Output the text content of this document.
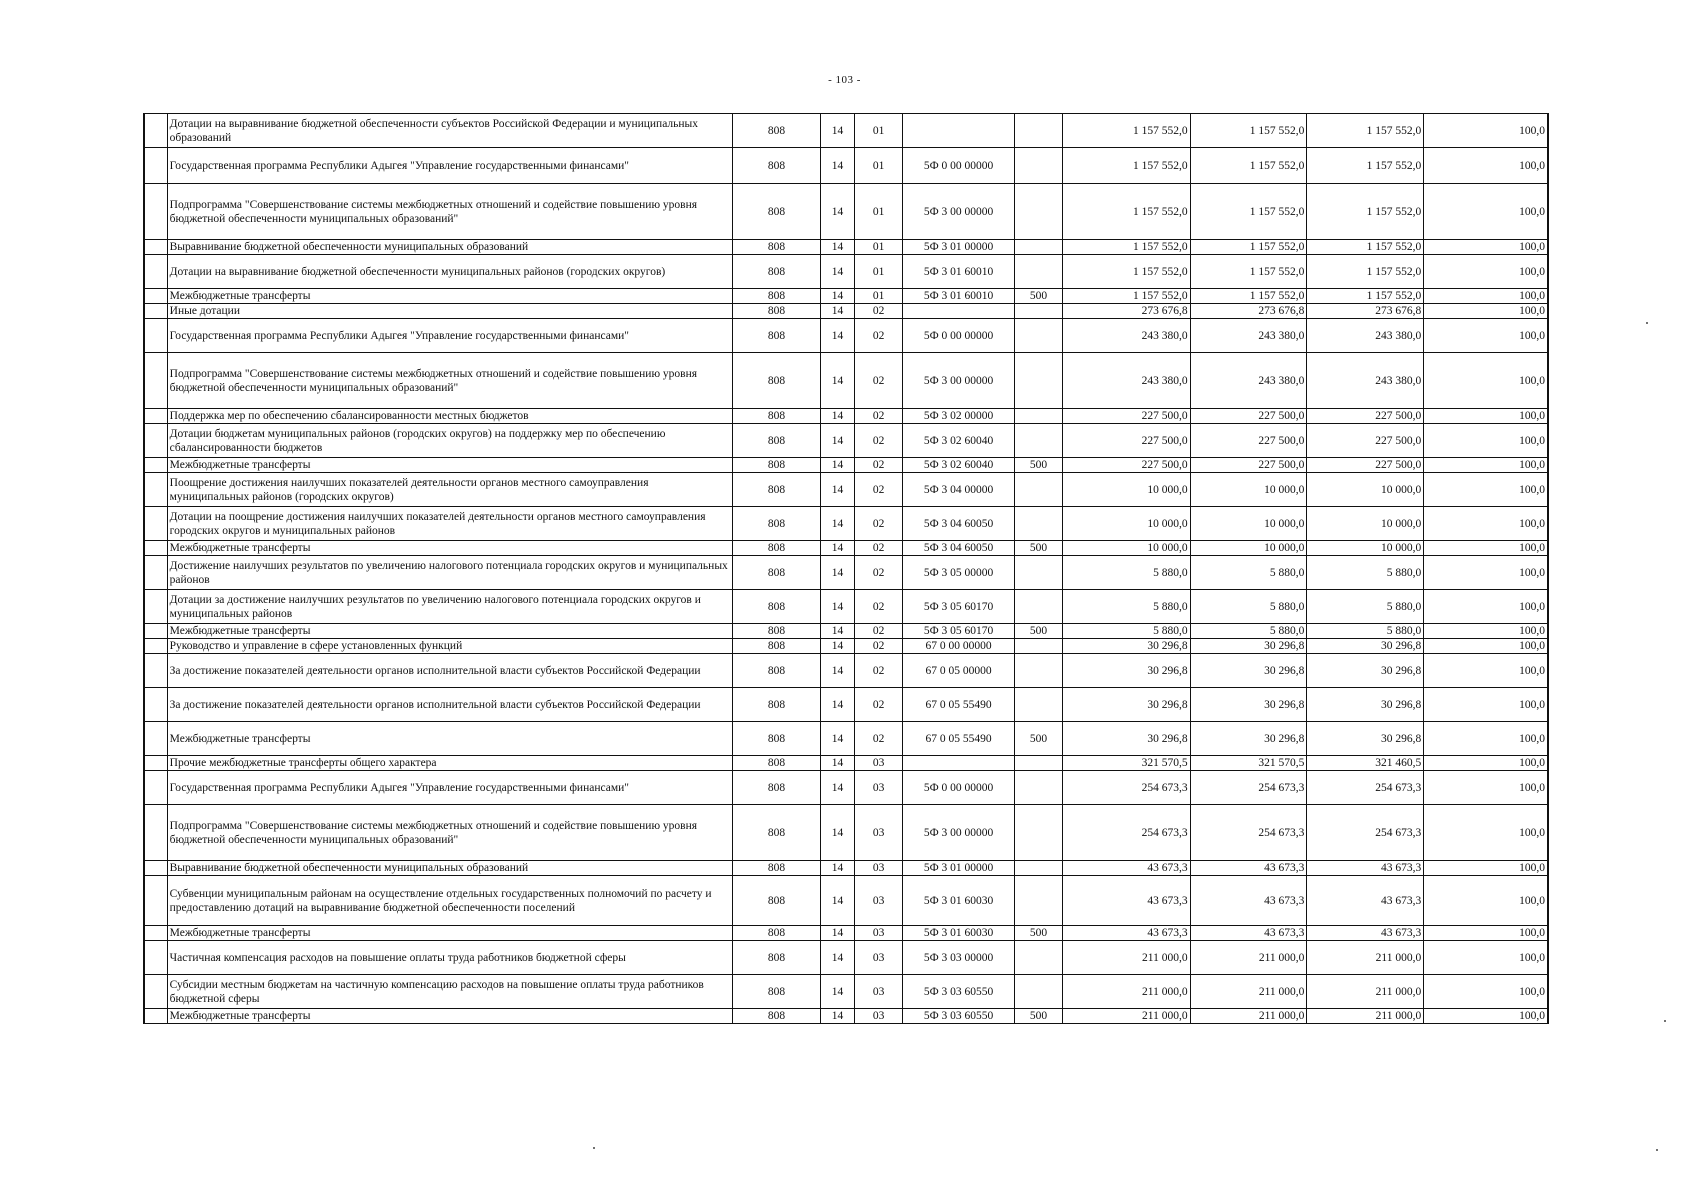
- 103 -
	Дотации на выравнивание бюджетной обеспеченности субъектов Российской Федерации и муниципальных образований	808	14	01			1 157 552,0	1 157 552,0	1 157 552,0	100,0
	Государственная программа Республики Адыгея "Управление государственными финансами"	808	14	01	5Ф 0 00 00000		1 157 552,0	1 157 552,0	1 157 552,0	100,0
	Подпрограмма "Совершенствование системы межбюджетных отношений и содействие повышению уровня бюджетной обеспеченности муниципальных образований"	808	14	01	5Ф 3 00 00000		1 157 552,0	1 157 552,0	1 157 552,0	100,0
	Выравнивание бюджетной обеспеченности муниципальных образований	808	14	01	5Ф 3 01 00000		1 157 552,0	1 157 552,0	1 157 552,0	100,0
	Дотации на выравнивание бюджетной обеспеченности муниципальных районов (городских округов)	808	14	01	5Ф 3 01 60010		1 157 552,0	1 157 552,0	1 157 552,0	100,0
	Межбюджетные трансферты	808	14	01	5Ф 3 01 60010	500	1 157 552,0	1 157 552,0	1 157 552,0	100,0
	Иные дотации	808	14	02			273 676,8	273 676,8	273 676,8	100,0
	Государственная программа Республики Адыгея "Управление государственными финансами"	808	14	02	5Ф 0 00 00000		243 380,0	243 380,0	243 380,0	100,0
	Подпрограмма "Совершенствование системы межбюджетных отношений и содействие повышению уровня бюджетной обеспеченности муниципальных образований"	808	14	02	5Ф 3 00 00000		243 380,0	243 380,0	243 380,0	100,0
	Поддержка мер по обеспечению сбалансированности местных бюджетов	808	14	02	5Ф 3 02 00000		227 500,0	227 500,0	227 500,0	100,0
	Дотации бюджетам муниципальных районов (городских округов) на поддержку мер по обеспечению сбалансированности бюджетов	808	14	02	5Ф 3 02 60040		227 500,0	227 500,0	227 500,0	100,0
	Межбюджетные трансферты	808	14	02	5Ф 3 02 60040	500	227 500,0	227 500,0	227 500,0	100,0
	Поощрение достижения наилучших показателей деятельности органов местного самоуправления муниципальных районов (городских округов)	808	14	02	5Ф 3 04 00000		10 000,0	10 000,0	10 000,0	100,0
	Дотации на поощрение достижения наилучших показателей деятельности органов местного самоуправления городских округов и муниципальных районов	808	14	02	5Ф 3 04 60050		10 000,0	10 000,0	10 000,0	100,0
	Межбюджетные трансферты	808	14	02	5Ф 3 04 60050	500	10 000,0	10 000,0	10 000,0	100,0
	Достижение наилучших результатов по увеличению налогового потенциала городских округов и муниципальных районов	808	14	02	5Ф 3 05 00000		5 880,0	5 880,0	5 880,0	100,0
	Дотации за достижение наилучших результатов по увеличению налогового потенциала городских округов и муниципальных районов	808	14	02	5Ф 3 05 60170		5 880,0	5 880,0	5 880,0	100,0
	Межбюджетные трансферты	808	14	02	5Ф 3 05 60170	500	5 880,0	5 880,0	5 880,0	100,0
	Руководство и управление в сфере установленных функций	808	14	02	67 0 00 00000		30 296,8	30 296,8	30 296,8	100,0
	За достижение показателей деятельности органов исполнительной власти субъектов Российской Федерации	808	14	02	67 0 05 00000		30 296,8	30 296,8	30 296,8	100,0
	За достижение показателей деятельности органов исполнительной власти субъектов Российской Федерации	808	14	02	67 0 05 55490		30 296,8	30 296,8	30 296,8	100,0
	Межбюджетные трансферты	808	14	02	67 0 05 55490	500	30 296,8	30 296,8	30 296,8	100,0
	Прочие межбюджетные трансферты общего характера	808	14	03			321 570,5	321 570,5	321 460,5	100,0
	Государственная программа Республики Адыгея "Управление государственными финансами"	808	14	03	5Ф 0 00 00000		254 673,3	254 673,3	254 673,3	100,0
	Подпрограмма "Совершенствование системы межбюджетных отношений и содействие повышению уровня бюджетной обеспеченности муниципальных образований"	808	14	03	5Ф 3 00 00000		254 673,3	254 673,3	254 673,3	100,0
	Выравнивание бюджетной обеспеченности муниципальных образований	808	14	03	5Ф 3 01 00000		43 673,3	43 673,3	43 673,3	100,0
	Субвенции муниципальным районам на осуществление отдельных государственных полномочий по расчету и предоставлению дотаций на выравнивание бюджетной обеспеченности поселений	808	14	03	5Ф 3 01 60030		43 673,3	43 673,3	43 673,3	100,0
	Межбюджетные трансферты	808	14	03	5Ф 3 01 60030	500	43 673,3	43 673,3	43 673,3	100,0
	Частичная компенсация расходов на повышение оплаты труда работников бюджетной сферы	808	14	03	5Ф 3 03 00000		211 000,0	211 000,0	211 000,0	100,0
	Субсидии местным бюджетам на частичную компенсацию расходов на повышение оплаты труда работников бюджетной сферы	808	14	03	5Ф 3 03 60550		211 000,0	211 000,0	211 000,0	100,0
	Межбюджетные трансферты	808	14	03	5Ф 3 03 60550	500	211 000,0	211 000,0	211 000,0	100,0
